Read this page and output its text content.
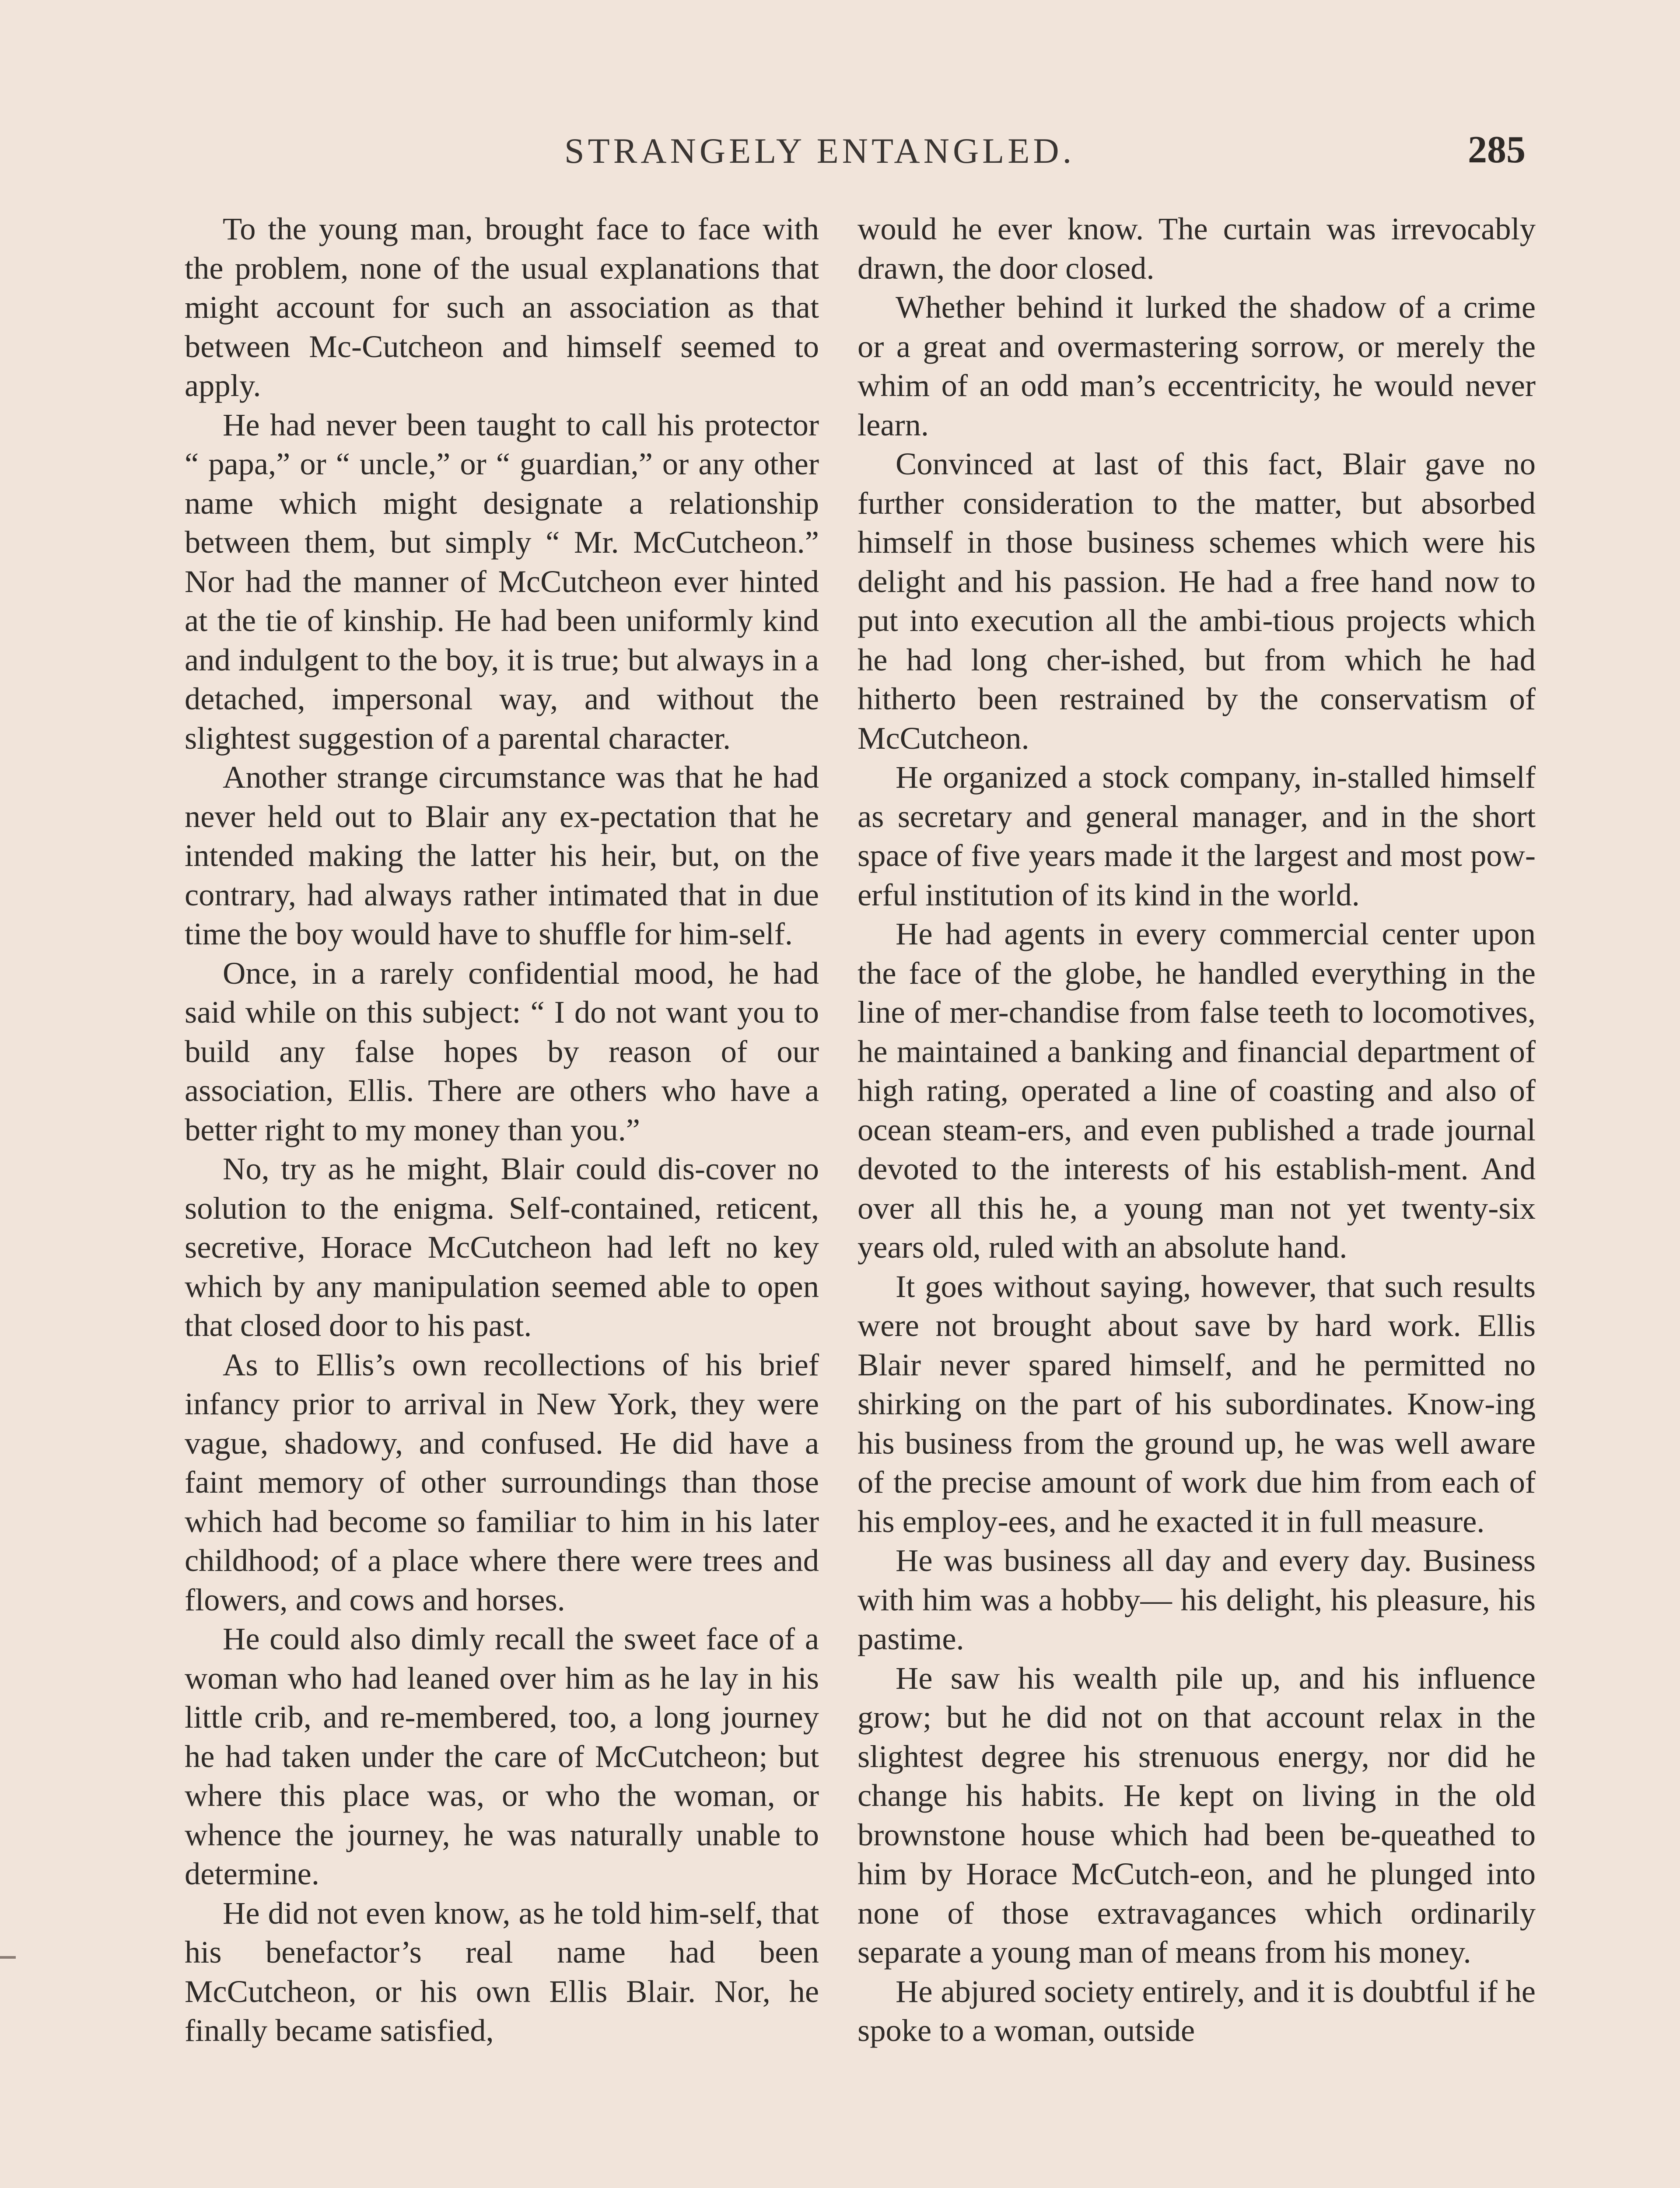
STRANGELY ENTANGLED.	285

To the young man, brought face to face with the problem, none of the usual explanations that might account for such an association as that between Mc-Cutcheon and himself seemed to apply.

He had never been taught to call his protector “ papa,” or “ uncle,” or “ guardian,” or any other name which might designate a relationship between them, but simply “ Mr. McCutcheon.” Nor had the manner of McCutcheon ever hinted at the tie of kinship. He had been uniformly kind and indulgent to the boy, it is true; but always in a detached, impersonal way, and without the slightest suggestion of a parental character.

Another strange circumstance was that he had never held out to Blair any ex-pectation that he intended making the latter his heir, but, on the contrary, had always rather intimated that in due time the boy would have to shuffle for him-self.

Once, in a rarely confidential mood, he had said while on this subject: “ I do not want you to build any false hopes by reason of our association, Ellis. There are others who have a better right to my money than you.”

No, try as he might, Blair could dis-cover no solution to the enigma. Self-contained, reticent, secretive, Horace McCutcheon had left no key which by any manipulation seemed able to open that closed door to his past.

As to Ellis’s own recollections of his brief infancy prior to arrival in New York, they were vague, shadowy, and confused. He did have a faint memory of other surroundings than those which had become so familiar to him in his later childhood; of a place where there were trees and flowers, and cows and horses.

He could also dimly recall the sweet face of a woman who had leaned over him as he lay in his little crib, and re-membered, too, a long journey he had taken under the care of McCutcheon; but where this place was, or who the woman, or whence the journey, he was naturally unable to determine.

He did not even know, as he told him-self, that his benefactor’s real name had been McCutcheon, or his own Ellis Blair. Nor, he finally became satisfied,

would he ever know. The curtain was irrevocably drawn, the door closed.

Whether behind it lurked the shadow of a crime or a great and overmastering sorrow, or merely the whim of an odd man’s eccentricity, he would never learn.

Convinced at last of this fact, Blair gave no further consideration to the matter, but absorbed himself in those business schemes which were his delight and his passion. He had a free hand now to put into execution all the ambi-tious projects which he had long cher-ished, but from which he had hitherto been restrained by the conservatism of McCutcheon.

He organized a stock company, in-stalled himself as secretary and general manager, and in the short space of five years made it the largest and most pow-erful institution of its kind in the world.

He had agents in every commercial center upon the face of the globe, he handled everything in the line of mer-chandise from false teeth to locomotives, he maintained a banking and financial department of high rating, operated a line of coasting and also of ocean steam-ers, and even published a trade journal devoted to the interests of his establish-ment. And over all this he, a young man not yet twenty-six years old, ruled with an absolute hand.

It goes without saying, however, that such results were not brought about save by hard work. Ellis Blair never spared himself, and he permitted no shirking on the part of his subordinates. Know-ing his business from the ground up, he was well aware of the precise amount of work due him from each of his employ-ees, and he exacted it in full measure.

He was business all day and every day. Business with him was a hobby— his delight, his pleasure, his pastime.

He saw his wealth pile up, and his influence grow; but he did not on that account relax in the slightest degree his strenuous energy, nor did he change his habits. He kept on living in the old brownstone house which had been be-queathed to him by Horace McCutch-eon, and he plunged into none of those extravagances which ordinarily separate a young man of means from his money.

He abjured society entirely, and it is doubtful if he spoke to a woman, outside
